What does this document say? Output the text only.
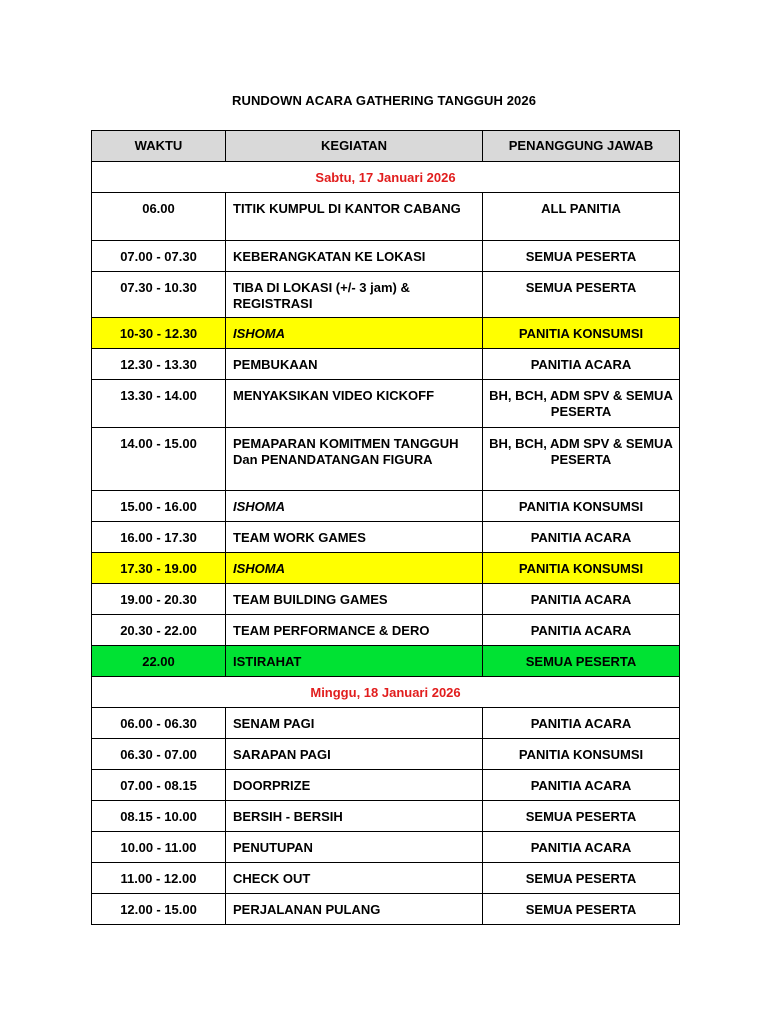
RUNDOWN ACARA GATHERING TANGGUH 2026
WAKTU	KEGIATAN	PENANGGUNG JAWAB
Sabtu, 17 Januari 2026		
06.00	TITIK KUMPUL DI KANTOR CABANG	ALL PANITIA
07.00 - 07.30	KEBERANGKATAN KE LOKASI	SEMUA PESERTA
07.30 - 10.30	TIBA DI LOKASI (+/- 3 jam) & REGISTRASI	SEMUA PESERTA
10-30 - 12.30	ISHOMA	PANITIA KONSUMSI
12.30 - 13.30	PEMBUKAAN	PANITIA ACARA
13.30 - 14.00	MENYAKSIKAN VIDEO KICKOFF	BH, BCH, ADM SPV & SEMUA PESERTA
14.00 - 15.00	PEMAPARAN KOMITMEN TANGGUH Dan PENANDATANGAN FIGURA	BH, BCH, ADM SPV & SEMUA PESERTA
15.00 - 16.00	ISHOMA	PANITIA KONSUMSI
16.00 - 17.30	TEAM WORK GAMES	PANITIA ACARA
17.30 - 19.00	ISHOMA	PANITIA KONSUMSI
19.00 - 20.30	TEAM BUILDING GAMES	PANITIA ACARA
20.30 - 22.00	TEAM PERFORMANCE & DERO	PANITIA ACARA
22.00	ISTIRAHAT	SEMUA PESERTA
Minggu, 18 Januari 2026		
06.00 - 06.30	SENAM PAGI	PANITIA ACARA
06.30 - 07.00	SARAPAN PAGI	PANITIA KONSUMSI
07.00 - 08.15	DOORPRIZE	PANITIA ACARA
08.15 - 10.00	BERSIH - BERSIH	SEMUA PESERTA
10.00 - 11.00	PENUTUPAN	PANITIA ACARA
11.00 - 12.00	CHECK OUT	SEMUA PESERTA
12.00 - 15.00	PERJALANAN PULANG	SEMUA PESERTA
